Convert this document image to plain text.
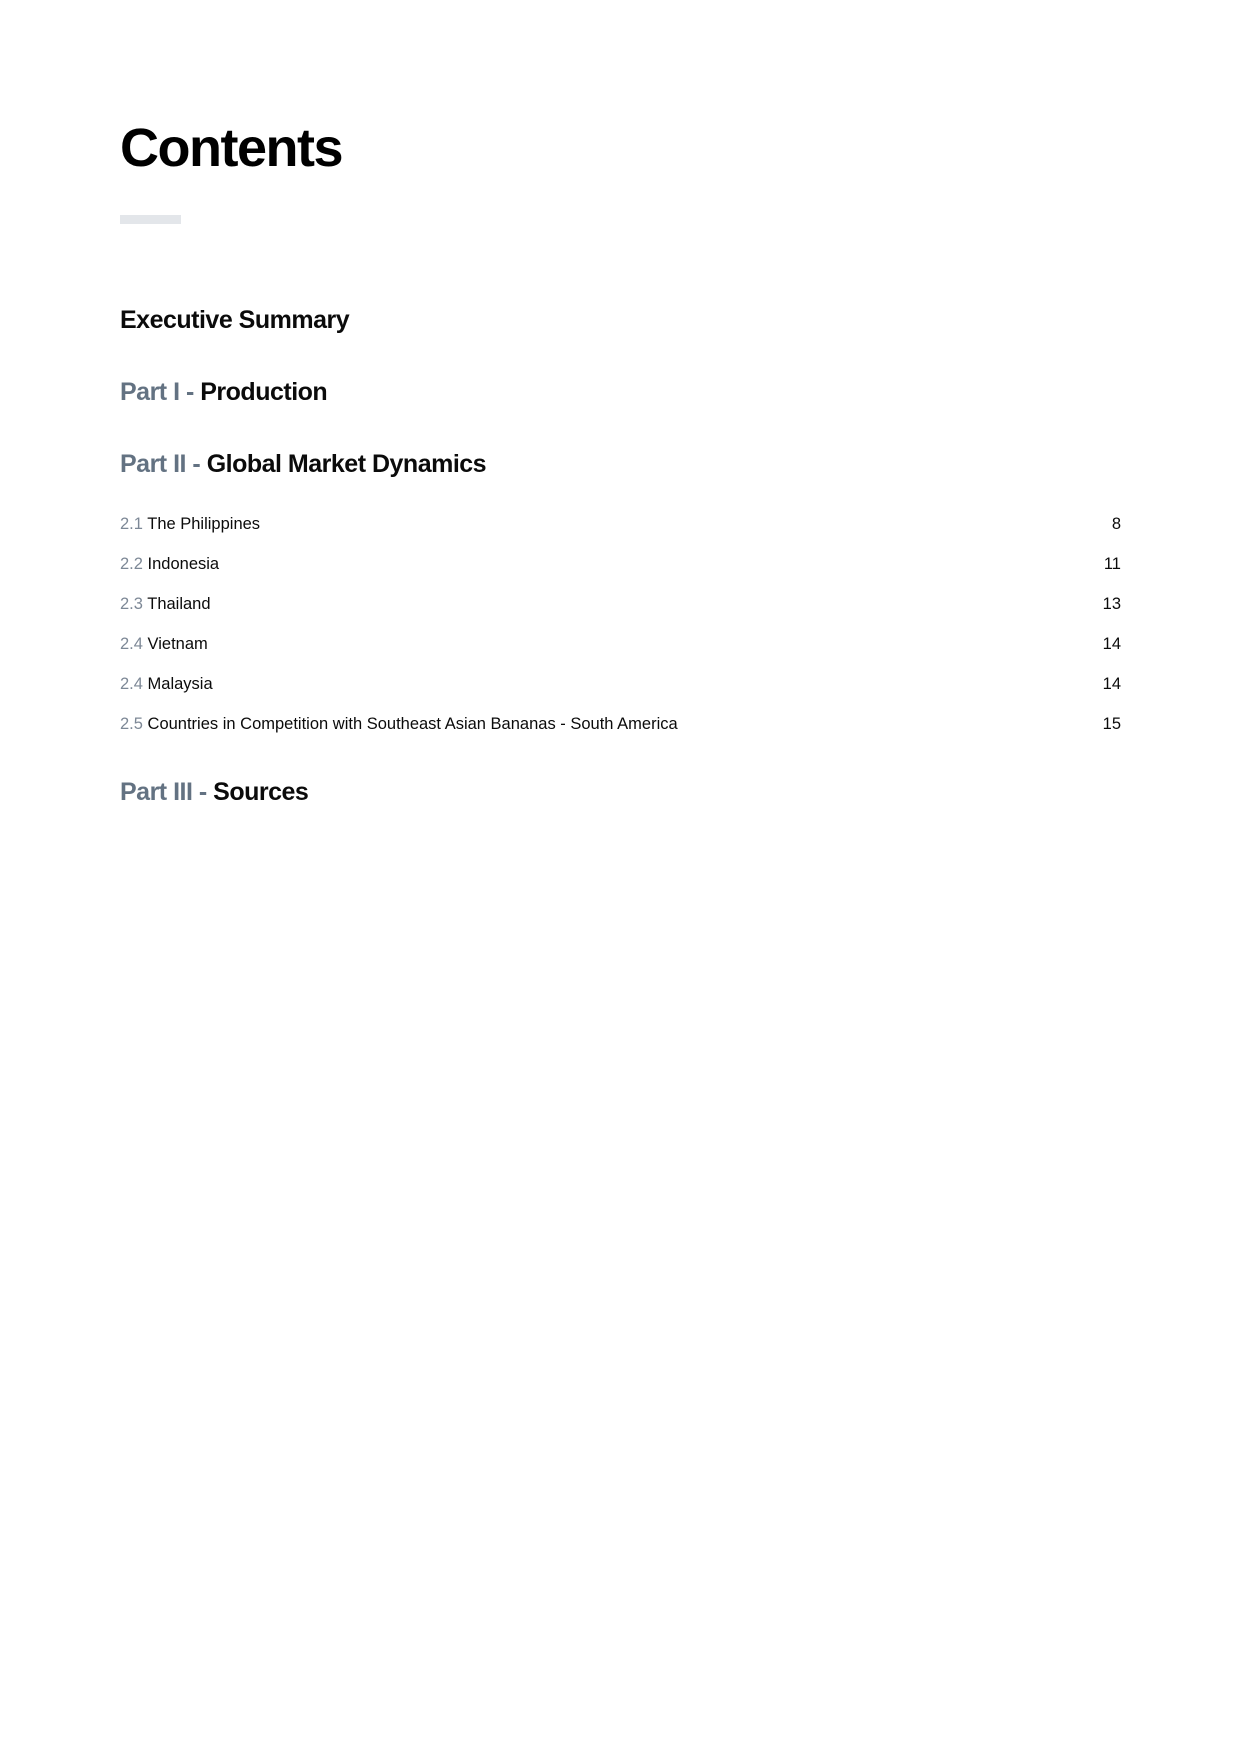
Contents
Executive Summary
Part I - Production
Part II - Global Market Dynamics
2.1 The Philippines	8
2.2 Indonesia	11
2.3 Thailand	13
2.4 Vietnam	14
2.4 Malaysia	14
2.5 Countries in Competition with Southeast Asian Bananas - South America	15
Part III - Sources
